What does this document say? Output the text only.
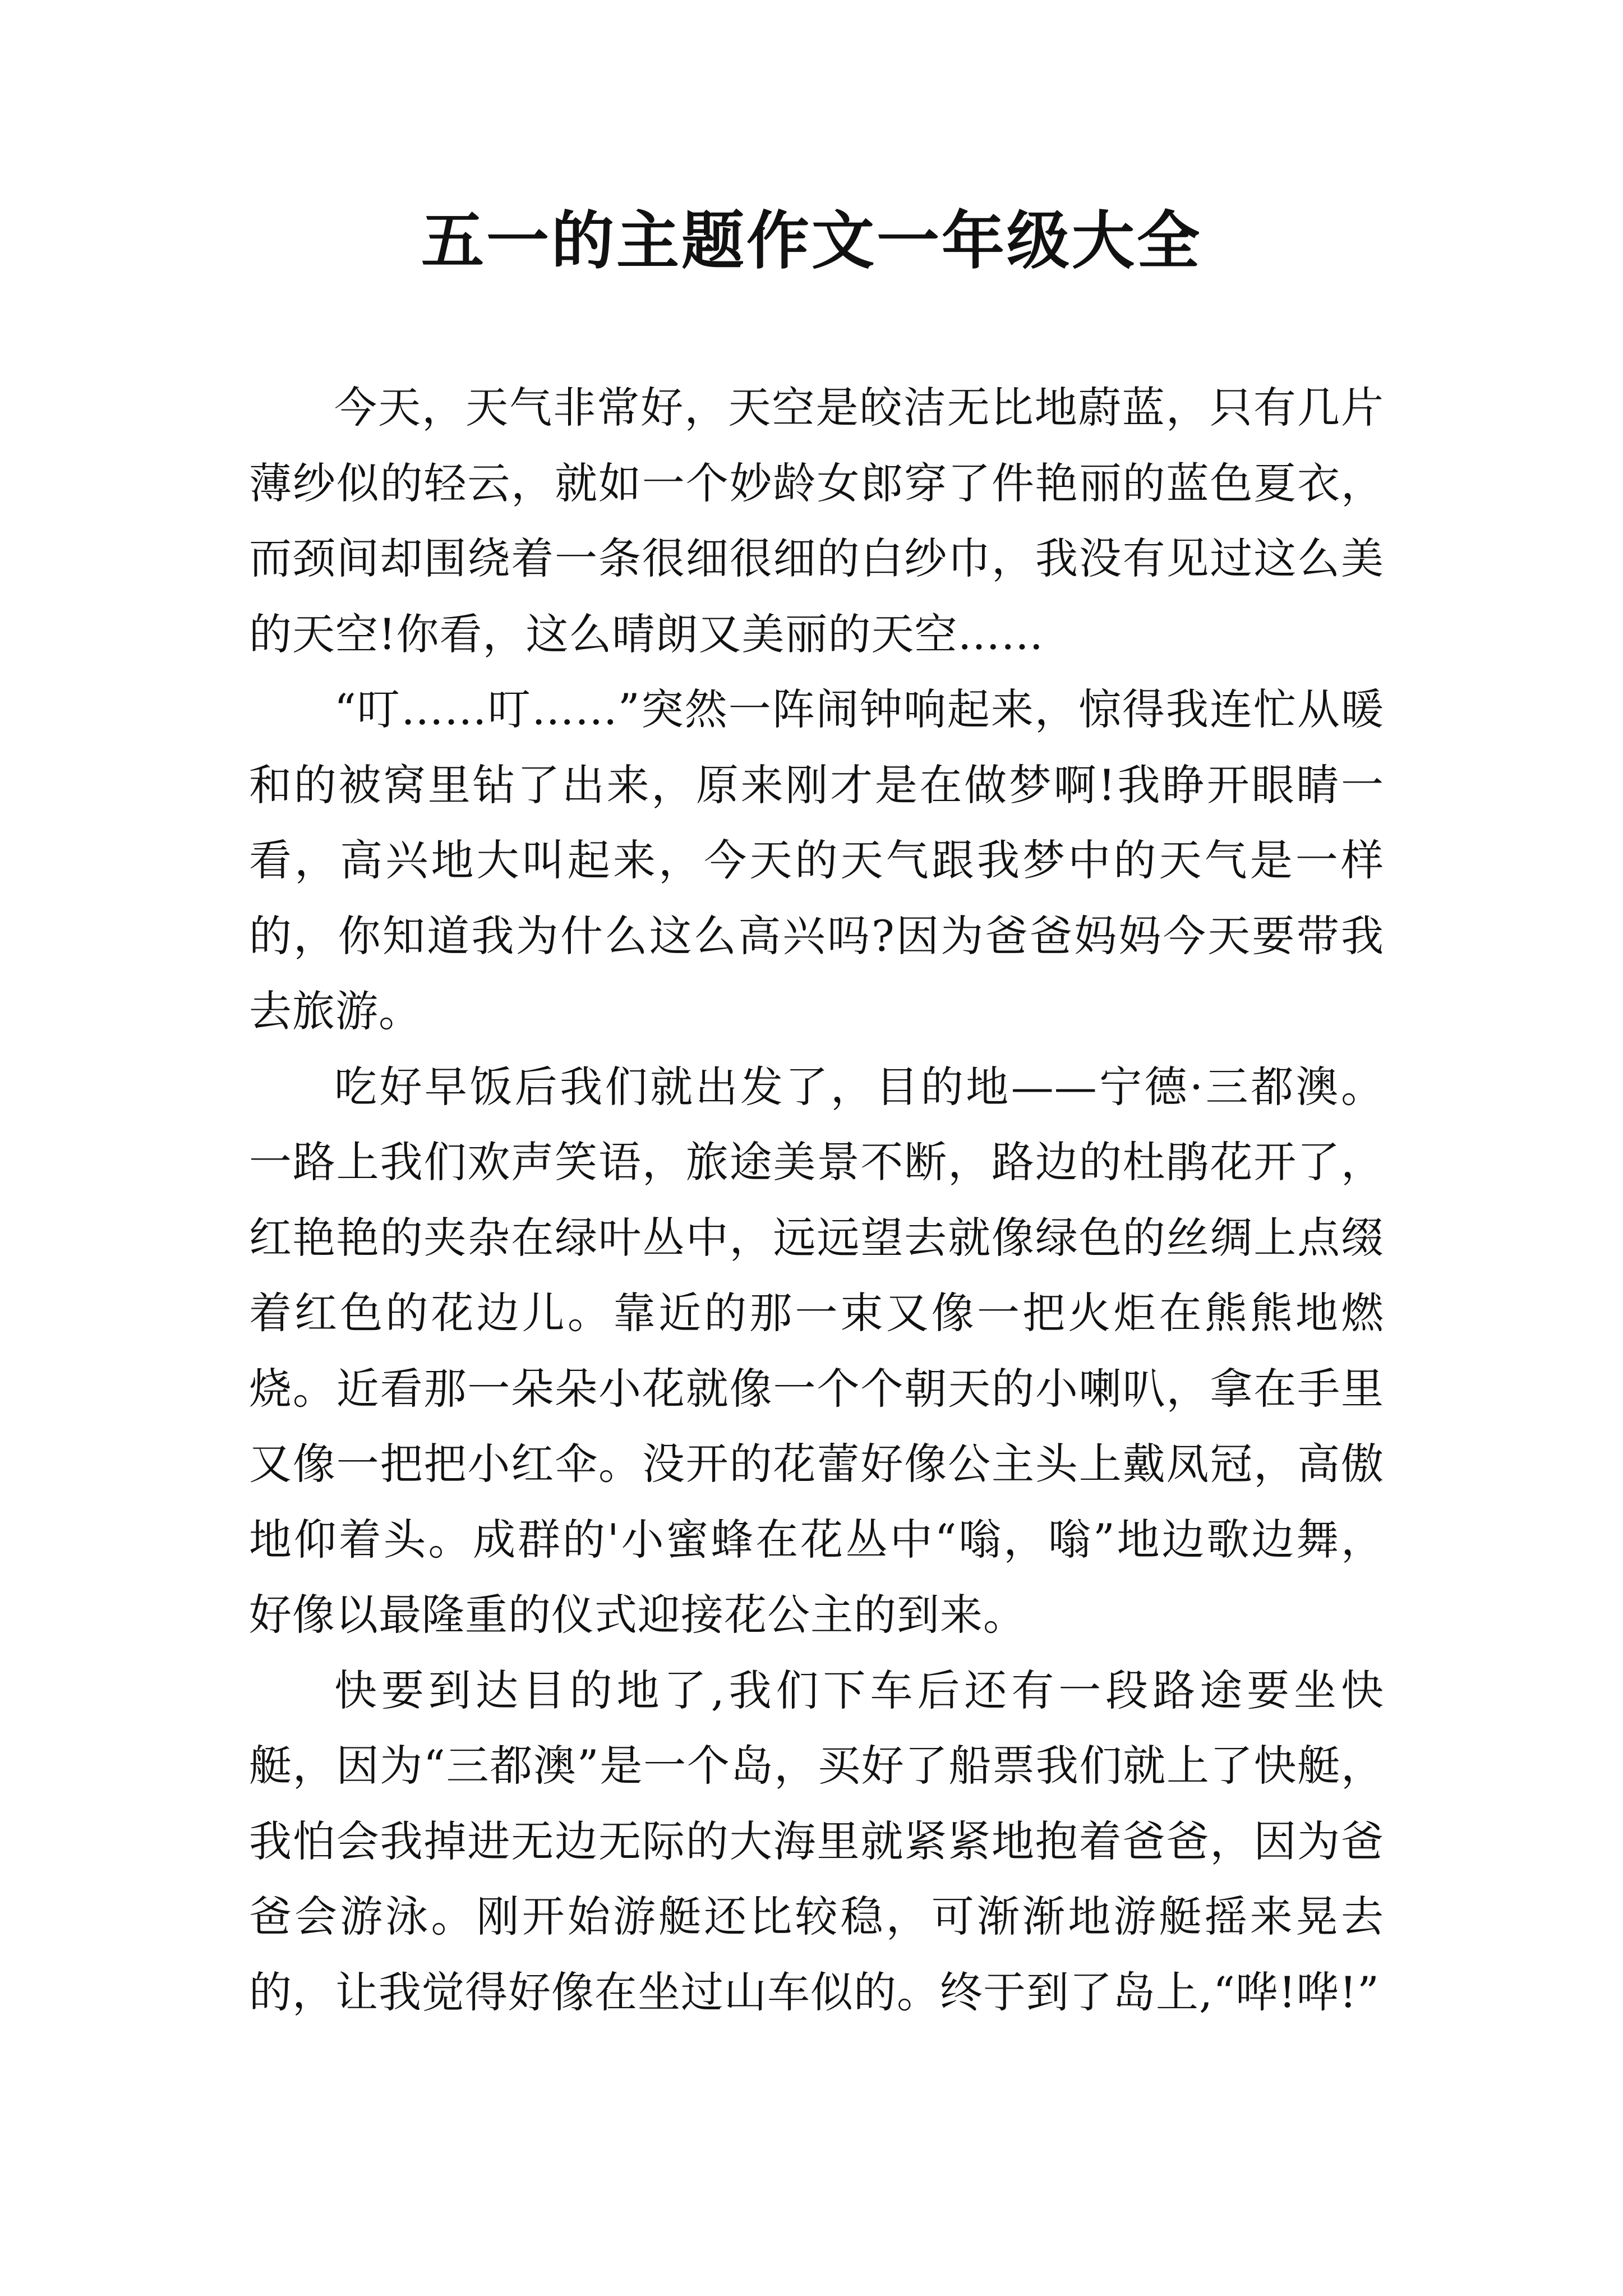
五一的主题作文一年级大全

今天，天气非常好，天空是皎洁无比地蔚蓝，只有几片薄纱似的轻云，就如一个妙龄女郎穿了件艳丽的蓝色夏衣，而颈间却围绕着一条很细很细的白纱巾，我没有见过这么美的天空!你看，这么晴朗又美丽的天空……

“叮……叮……”突然一阵闹钟响起来，惊得我连忙从暖和的被窝里钻了出来，原来刚才是在做梦啊!我睁开眼睛一看，高兴地大叫起来，今天的天气跟我梦中的天气是一样的，你知道我为什么这么高兴吗?因为爸爸妈妈今天要带我去旅游。

吃好早饭后我们就出发了，目的地——宁德·三都澳。一路上我们欢声笑语，旅途美景不断，路边的杜鹃花开了，红艳艳的夹杂在绿叶丛中，远远望去就像绿色的丝绸上点缀着红色的花边儿。靠近的那一束又像一把火炬在熊熊地燃烧。近看那一朵朵小花就像一个个朝天的小喇叭，拿在手里又像一把把小红伞。没开的花蕾好像公主头上戴凤冠，高傲地仰着头。成群的'小蜜蜂在花丛中“嗡，嗡”地边歌边舞，好像以最隆重的仪式迎接花公主的到来。

快要到达目的地了,我们下车后还有一段路途要坐快艇，因为“三都澳”是一个岛，买好了船票我们就上了快艇，我怕会我掉进无边无际的大海里就紧紧地抱着爸爸，因为爸爸会游泳。刚开始游艇还比较稳，可渐渐地游艇摇来晃去的，让我觉得好像在坐过山车似的。终于到了岛上,“哗!哗!”
